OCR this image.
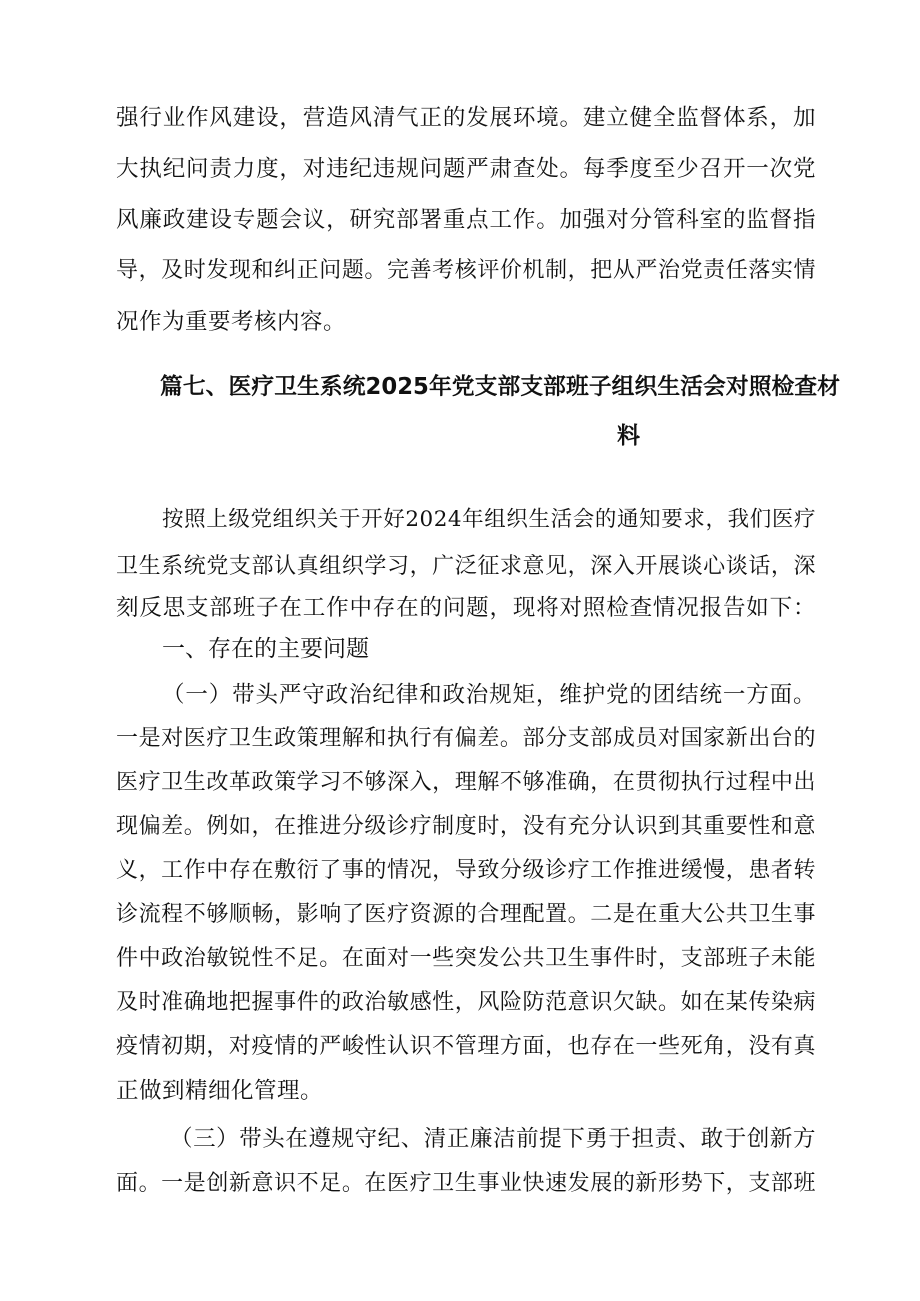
强行业作风建设，营造风清气正的发展环境。建立健全监督体系，加
大执纪问责力度，对违纪违规问题严肃查处。每季度至少召开一次党
风廉政建设专题会议，研究部署重点工作。加强对分管科室的监督指
导，及时发现和纠正问题。完善考核评价机制，把从严治党责任落实情
况作为重要考核内容。
篇七、医疗卫生系统2025年党支部支部班子组织生活会对照检查材
料
按照上级党组织关于开好2024年组织生活会的通知要求，我们医疗
卫生系统党支部认真组织学习，广泛征求意见，深入开展谈心谈话，深
刻反思支部班子在工作中存在的问题，现将对照检查情况报告如下：
一、存在的主要问题
（一）带头严守政治纪律和政治规矩，维护党的团结统一方面。
一是对医疗卫生政策理解和执行有偏差。部分支部成员对国家新出台的
医疗卫生改革政策学习不够深入，理解不够准确，在贯彻执行过程中出
现偏差。例如，在推进分级诊疗制度时，没有充分认识到其重要性和意
义，工作中存在敷衍了事的情况，导致分级诊疗工作推进缓慢，患者转
诊流程不够顺畅，影响了医疗资源的合理配置。二是在重大公共卫生事
件中政治敏锐性不足。在面对一些突发公共卫生事件时，支部班子未能
及时准确地把握事件的政治敏感性，风险防范意识欠缺。如在某传染病
疫情初期，对疫情的严峻性认识不管理方面，也存在一些死角，没有真
正做到精细化管理。
（三）带头在遵规守纪、清正廉洁前提下勇于担责、敢于创新方
面。一是创新意识不足。在医疗卫生事业快速发展的新形势下，支部班
